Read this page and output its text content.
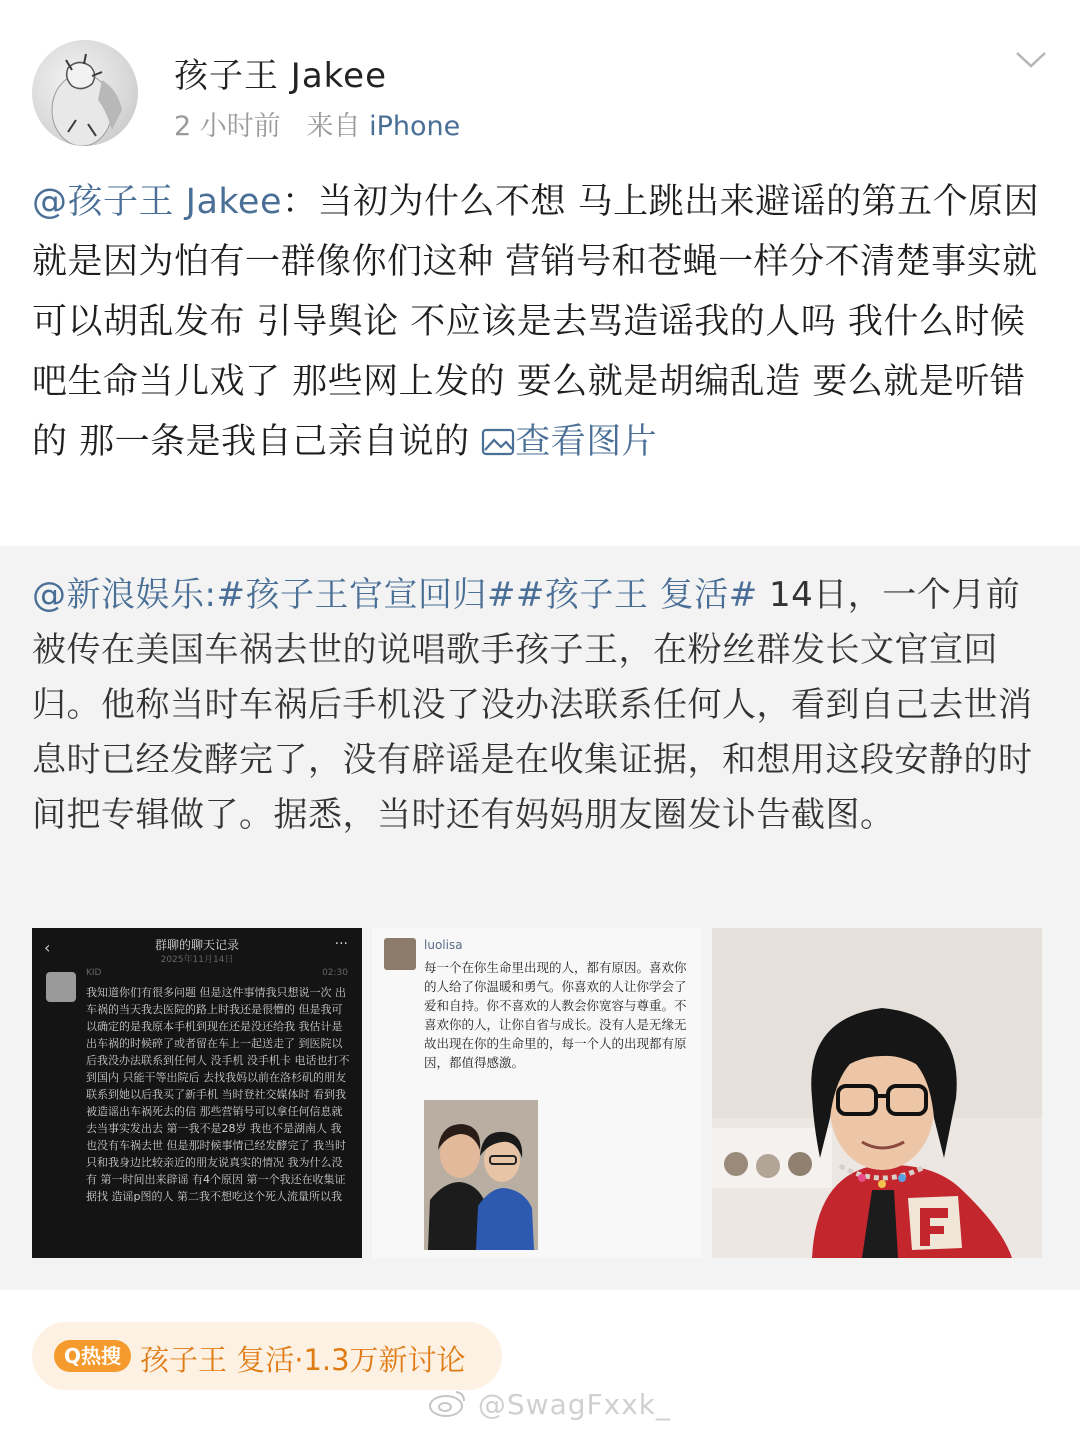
孩子王 Jakee
2 小时前 来自 iPhone
@孩子王 Jakee：当初为什么不想 马上跳出来避谣的第五个原因 就是因为怕有一群像你们这种 营销号和苍蝇一样分不清楚事实就可以胡乱发布 引导舆论 不应该是去骂造谣我的人吗 我什么时候吧生命当儿戏了 那些网上发的 要么就是胡编乱造 要么就是听错的 那一条是我自己亲自说的 查看图片
@新浪娱乐:#孩子王官宣回归##孩子王 复活# 14日，一个月前被传在美国车祸去世的说唱歌手孩子王，在粉丝群发长文官宣回归。他称当时车祸后手机没了没办法联系任何人，看到自己去世消息时已经发酵完了，没有辟谣是在收集证据，和想用这段安静的时间把专辑做了。据悉，当时还有妈妈朋友圈发讣告截图。
‹	群聊的聊天记录
2025年11月14日
···
KID	02:30
我知道你们有很多问题 但是这件事情我只想说一次 出车祸的当天我去医院的路上时我还是很懵的 但是我可以确定的是我原本手机到现在还是没还给我 我估计是出车祸的时候碎了或者留在车上一起送走了 到医院以后我没办法联系到任何人 没手机 没手机卡 电话也打不到国内 只能干等出院后 去找我妈以前在洛杉矶的朋友 联系到她以后我买了新手机 当时登社交媒体时 看到我被造谣出车祸死去的信 那些营销号可以拿任何信息就去当事实发出去 第一我不是28岁 我也不是湖南人 我也没有车祸去世 但是那时候事情已经发酵完了 我当时只和我身边比较亲近的朋友说真实的情况 我为什么没有 第一时间出来辟谣 有4个原因 第一个我还在收集证据找 造谣p图的人 第二我不想吃这个死人流量所以我
luolisa
每一个在你生命里出现的人，都有原因。喜欢你的人给了你温暖和勇气。你喜欢的人让你学会了爱和自持。你不喜欢的人教会你宽容与尊重。不喜欢你的人，让你自省与成长。没有人是无缘无故出现在你的生命里的，每一个人的出现都有原因，都值得感激。
Q热搜 孩子王 复活·1.3万新讨论
@SwagFxxk_
